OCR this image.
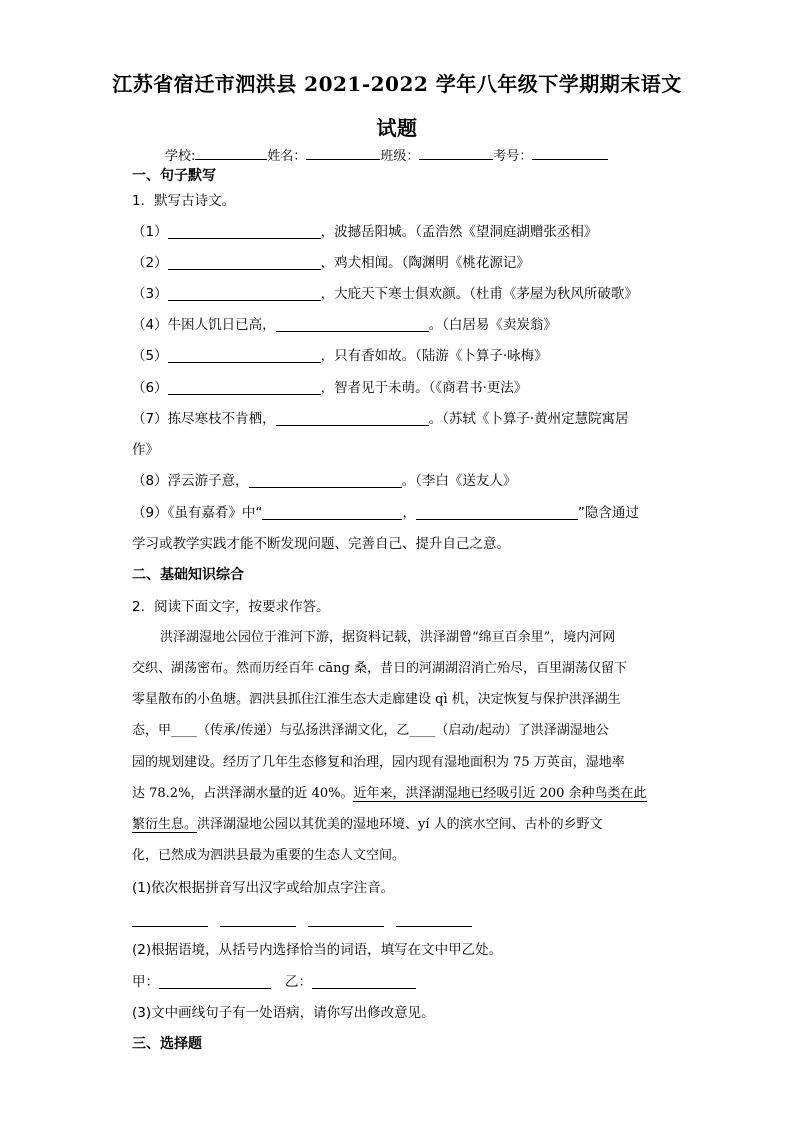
江苏省宿迁市泗洪县 2021-2022 学年八年级下学期期末语文
试题
学校:	姓名：	班级：	考号：
一、句子默写
1．默写古诗文。
（1）	，波撼岳阳城。（孟浩然《望洞庭湖赠张丞相》
（2）	，鸡犬相闻。（陶渊明《桃花源记》
（3）	，大庇天下寒士俱欢颜。（杜甫《茅屋为秋风所破歌》
（4）牛困人饥日已高，	。（白居易《卖炭翁》
（5）	，只有香如故。（陆游《卜算子·咏梅》
（6）	，智者见于未萌。（《商君书·更法》
（7）拣尽寒枝不肯栖，	。（苏轼《卜算子·黄州定慧院寓居
作》
（8）浮云游子意，	。（李白《送友人》
（9）《虽有嘉肴》中“	，	”隐含通过
学习或教学实践才能不断发现问题、完善自己、提升自己之意。
二、基础知识综合
2．阅读下面文字，按要求作答。
洪泽湖湿地公园位于淮河下游，据资料记载，洪泽湖曾“绵亘百余里”，境内河网
交织、湖荡密布。然而历经百年 cāng 桑，昔日的河湖湖沼消亡殆尽，百里湖荡仅留下
零星散布的小鱼塘。泗洪县抓住江淮生态大走廊建设 qì 机，决定恢复与保护洪泽湖生
态，甲____（传承/传递）与弘扬洪泽湖文化，乙____（启动/起动）了洪泽湖湿地公
园的规划建设。经历了几年生态修复和治理，园内现有湿地面积为 75 万英亩，湿地率
达 78.2%，占洪泽湖水量的近 40%。近年来，洪泽湖湿地已经吸引近 200 余种鸟类在此
繁衍生息。洪泽湖湿地公园以其优美的湿地环境、yí 人的滨水空间、古朴的乡野文
化，已然成为泗洪县最为重要的生态人文空间。
(1)依次根据拼音写出汉字或给加点字注音。
(2)根据语境，从括号内选择恰当的词语，填写在文中甲乙处。
甲：	乙：
(3)文中画线句子有一处语病，请你写出修改意见。
三、选择题
